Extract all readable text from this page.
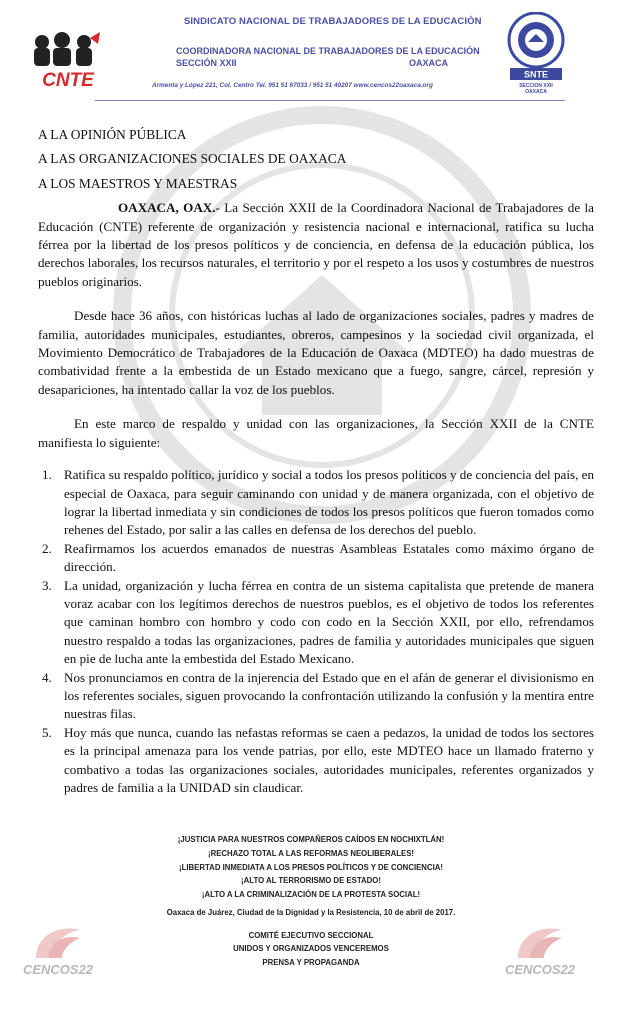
CNTE
SINDICATO NACIONAL DE TRABAJADORES DE LA EDUCACIÓN
COORDINADORA NACIONAL DE TRABAJADORES DE LA EDUCACIÓN
SECCIÓN XXII	OAXACA
Armenta y López 221, Col. Centro Tel. 951 51 67033 / 951 51 40207 www.cencos22oaxaca.org
SNTE
SECCION XXII
OAXACA

A LA OPINIÓN PÚBLICA

A LAS ORGANIZACIONES SOCIALES DE OAXACA

A LOS MAESTROS Y MAESTRAS

OAXACA, OAX.- La Sección XXII de la Coordinadora Nacional de Trabajadores de la Educación (CNTE) referente de organización y resistencia nacional e internacional, ratifica su lucha férrea por la libertad de los presos políticos y de conciencia, en defensa de la educación pública, los derechos laborales, los recursos naturales, el territorio y por el respeto a los usos y costumbres de nuestros pueblos originarios.

Desde hace 36 años, con históricas luchas al lado de organizaciones sociales, padres y madres de familia, autoridades municipales, estudiantes, obreros, campesinos y la sociedad civil organizada, el Movimiento Democrático de Trabajadores de la Educación de Oaxaca (MDTEO) ha dado muestras de combatividad frente a la embestida de un Estado mexicano que a fuego, sangre, cárcel, represión y desapariciones, ha intentado callar la voz de los pueblos.

En este marco de respaldo y unidad con las organizaciones, la Sección XXII de la CNTE manifiesta lo siguiente:

1. Ratifica su respaldo político, jurídico y social a todos los presos políticos y de conciencia del país, en especial de Oaxaca, para seguir caminando con unidad y de manera organizada, con el objetivo de lograr la libertad inmediata y sin condiciones de todos los presos políticos que fueron tomados como rehenes del Estado, por salir a las calles en defensa de los derechos del pueblo.
2. Reafirmamos los acuerdos emanados de nuestras Asambleas Estatales como máximo órgano de dirección.
3. La unidad, organización y lucha férrea en contra de un sistema capitalista que pretende de manera voraz acabar con los legítimos derechos de nuestros pueblos, es el objetivo de todos los referentes que caminan hombro con hombro y codo con codo en la Sección XXII, por ello, refrendamos nuestro respaldo a todas las organizaciones, padres de familia y autoridades municipales que siguen en pie de lucha ante la embestida del Estado Mexicano.
4. Nos pronunciamos en contra de la injerencia del Estado que en el afán de generar el divisionismo en los referentes sociales, siguen provocando la confrontación utilizando la confusión y la mentira entre nuestras filas.
5. Hoy más que nunca, cuando las nefastas reformas se caen a pedazos, la unidad de todos los sectores es la principal amenaza para los vende patrias, por ello, este MDTEO hace un llamado fraterno y combativo a todas las organizaciones sociales, autoridades municipales, referentes organizados y padres de familia a la UNIDAD sin claudicar.
¡JUSTICIA PARA NUESTROS COMPAÑEROS CAÍDOS EN NOCHIXTLÁN!
¡RECHAZO TOTAL A LAS REFORMAS NEOLIBERALES!
¡LIBERTAD INMEDIATA A LOS PRESOS POLÍTICOS Y DE CONCIENCIA!
¡ALTO AL TERRORISMO DE ESTADO!
¡ALTO A LA CRIMINALIZACIÓN DE LA PROTESTA SOCIAL!
Oaxaca de Juárez, Ciudad de la Dignidad y la Resistencia, 10 de abril de 2017.
COMITÉ EJECUTIVO SECCIONAL
UNIDOS Y ORGANIZADOS VENCEREMOS
PRENSA Y PROPAGANDA
CENCOS22	CENCOS22
